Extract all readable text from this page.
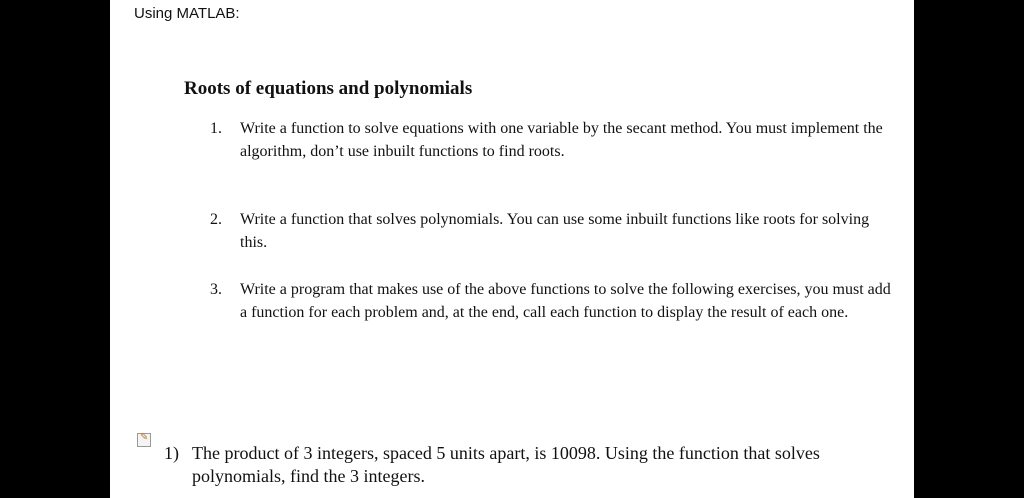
Using MATLAB:
Roots of equations and polynomials
1. Write a function to solve equations with one variable by the secant method. You must implement the algorithm, don’t use inbuilt functions to find roots.
2. Write a function that solves polynomials. You can use some inbuilt functions like roots for solving this.
3. Write a program that makes use of the above functions to solve the following exercises, you must add a function for each problem and, at the end, call each function to display the result of each one.
✎
1) The product of 3 integers, spaced 5 units apart, is 10098. Using the function that solves polynomials, find the 3 integers.
